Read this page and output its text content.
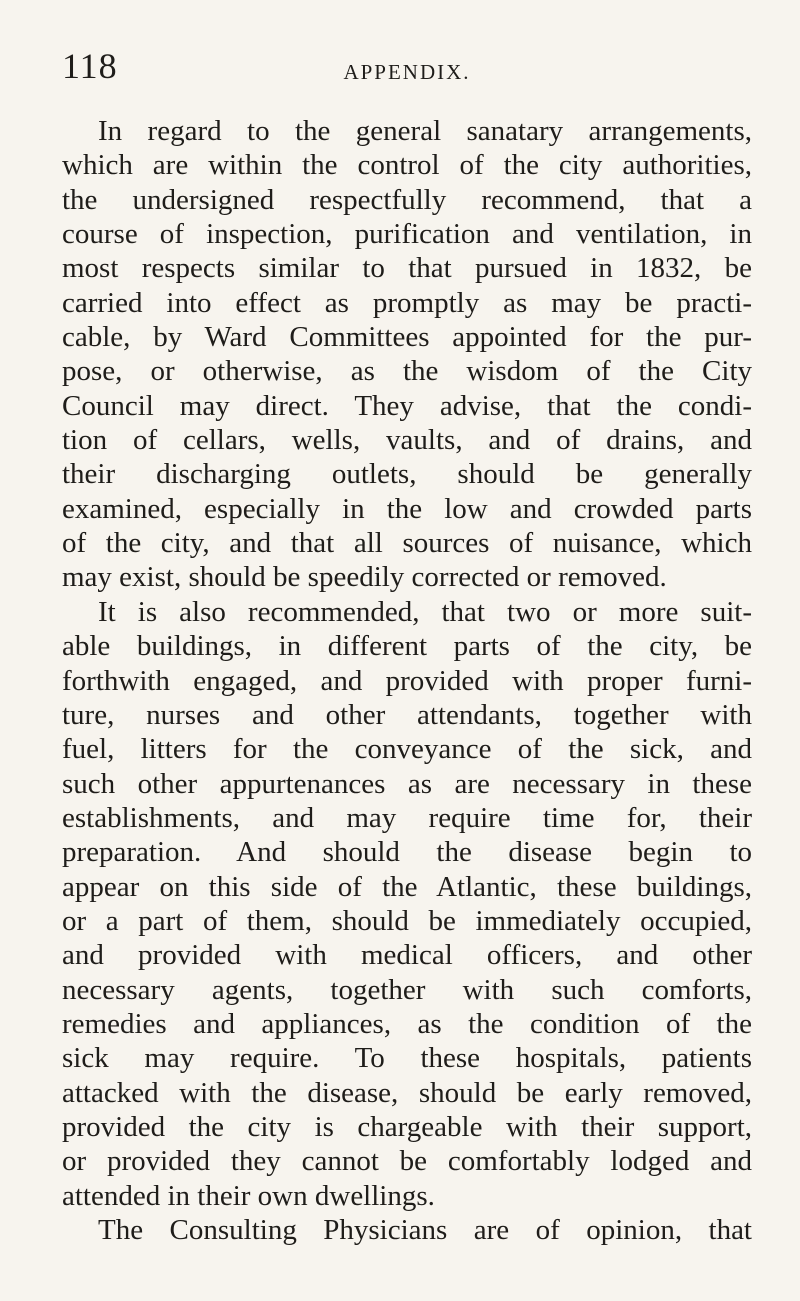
118	APPENDIX.
In regard to the general sanatary arrangements,
which are within the control of the city authorities,
the undersigned respectfully recommend, that a
course of inspection, purification and ventilation, in
most respects similar to that pursued in 1832, be
carried into effect as promptly as may be practi-
cable, by Ward Committees appointed for the pur-
pose, or otherwise, as the wisdom of the City
Council may direct. They advise, that the condi-
tion of cellars, wells, vaults, and of drains, and
their discharging outlets, should be generally
examined, especially in the low and crowded parts
of the city, and that all sources of nuisance, which
may exist, should be speedily corrected or removed.
It is also recommended, that two or more suit-
able buildings, in different parts of the city, be
forthwith engaged, and provided with proper furni-
ture, nurses and other attendants, together with
fuel, litters for the conveyance of the sick, and
such other appurtenances as are necessary in these
establishments, and may require time for, their
preparation. And should the disease begin to
appear on this side of the Atlantic, these buildings,
or a part of them, should be immediately occupied,
and provided with medical officers, and other
necessary agents, together with such comforts,
remedies and appliances, as the condition of the
sick may require. To these hospitals, patients
attacked with the disease, should be early removed,
provided the city is chargeable with their support,
or provided they cannot be comfortably lodged and
attended in their own dwellings.
The Consulting Physicians are of opinion, that
